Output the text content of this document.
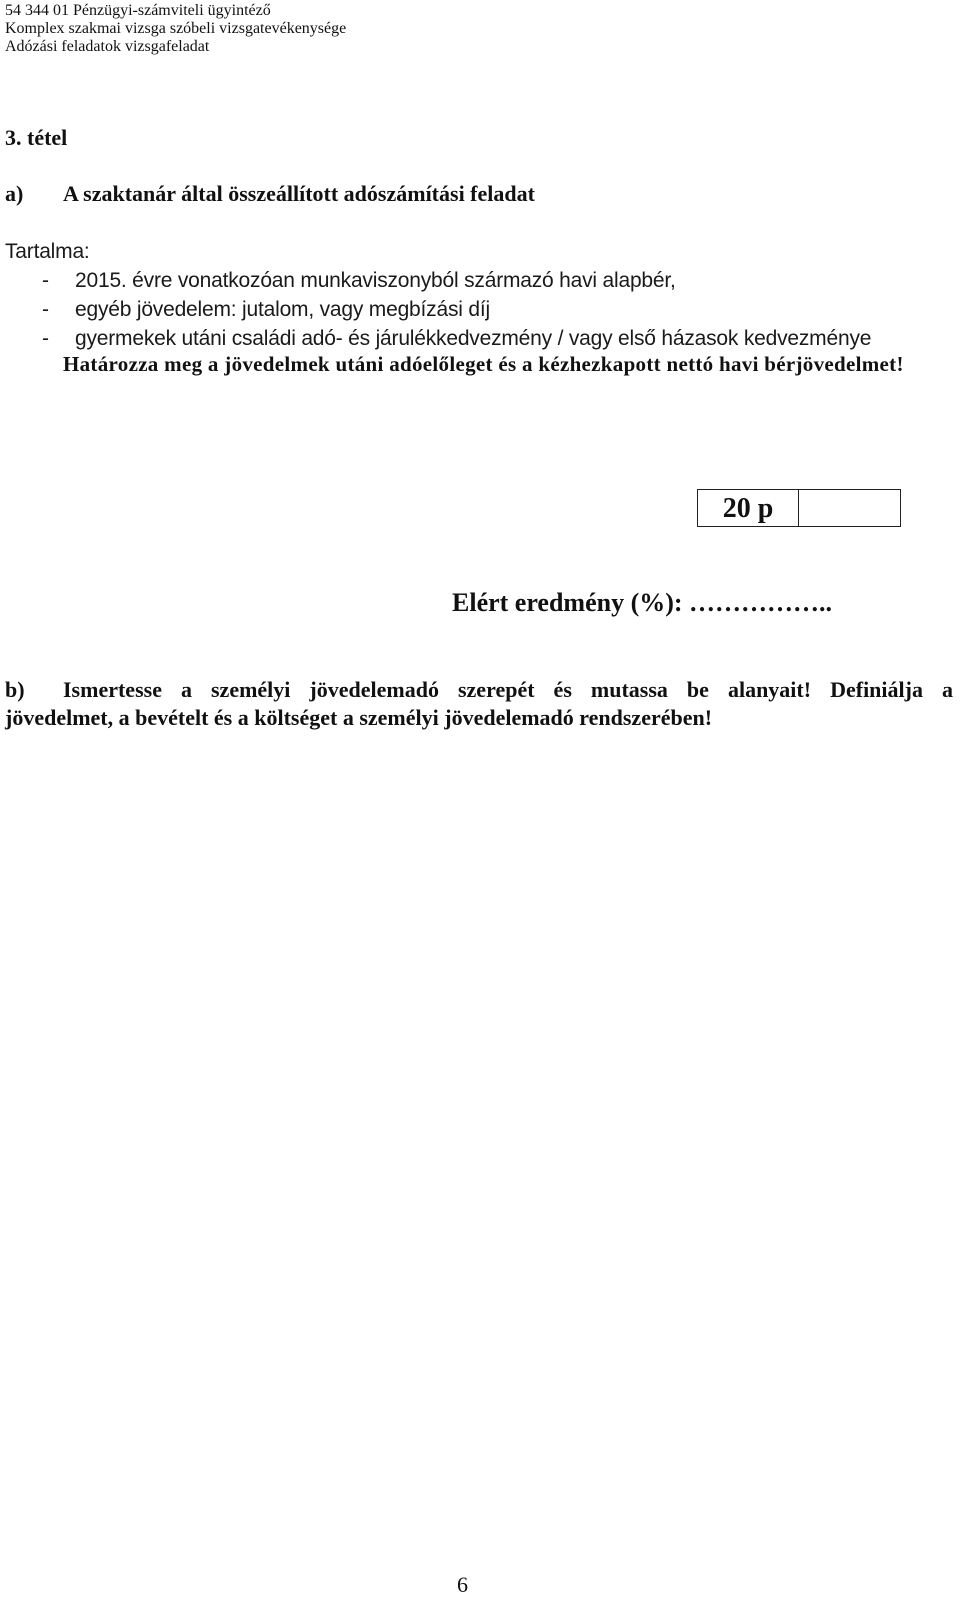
54 344 01 Pénzügyi-számviteli ügyintéző
Komplex szakmai vizsga szóbeli vizsgatevékenysége
Adózási feladatok vizsgafeladat
3. tétel
a) A szaktanár által összeállított adószámítási feladat
Tartalma:
- 2015. évre vonatkozóan munkaviszonyból származó havi alapbér,
- egyéb jövedelem: jutalom, vagy megbízási díj
- gyermekek utáni családi adó- és járulékkedvezmény / vagy első házasok kedvezménye
Határozza meg a jövedelmek utáni adóelőleget és a kézhezkapott nettó havi bérjövedelmet!
20 p
Elért eredmény (%): ……………..
b) Ismertesse a személyi jövedelemadó szerepét és mutassa be alanyait! Definiálja a
jövedelmet, a bevételt és a költséget a személyi jövedelemadó rendszerében!
6
